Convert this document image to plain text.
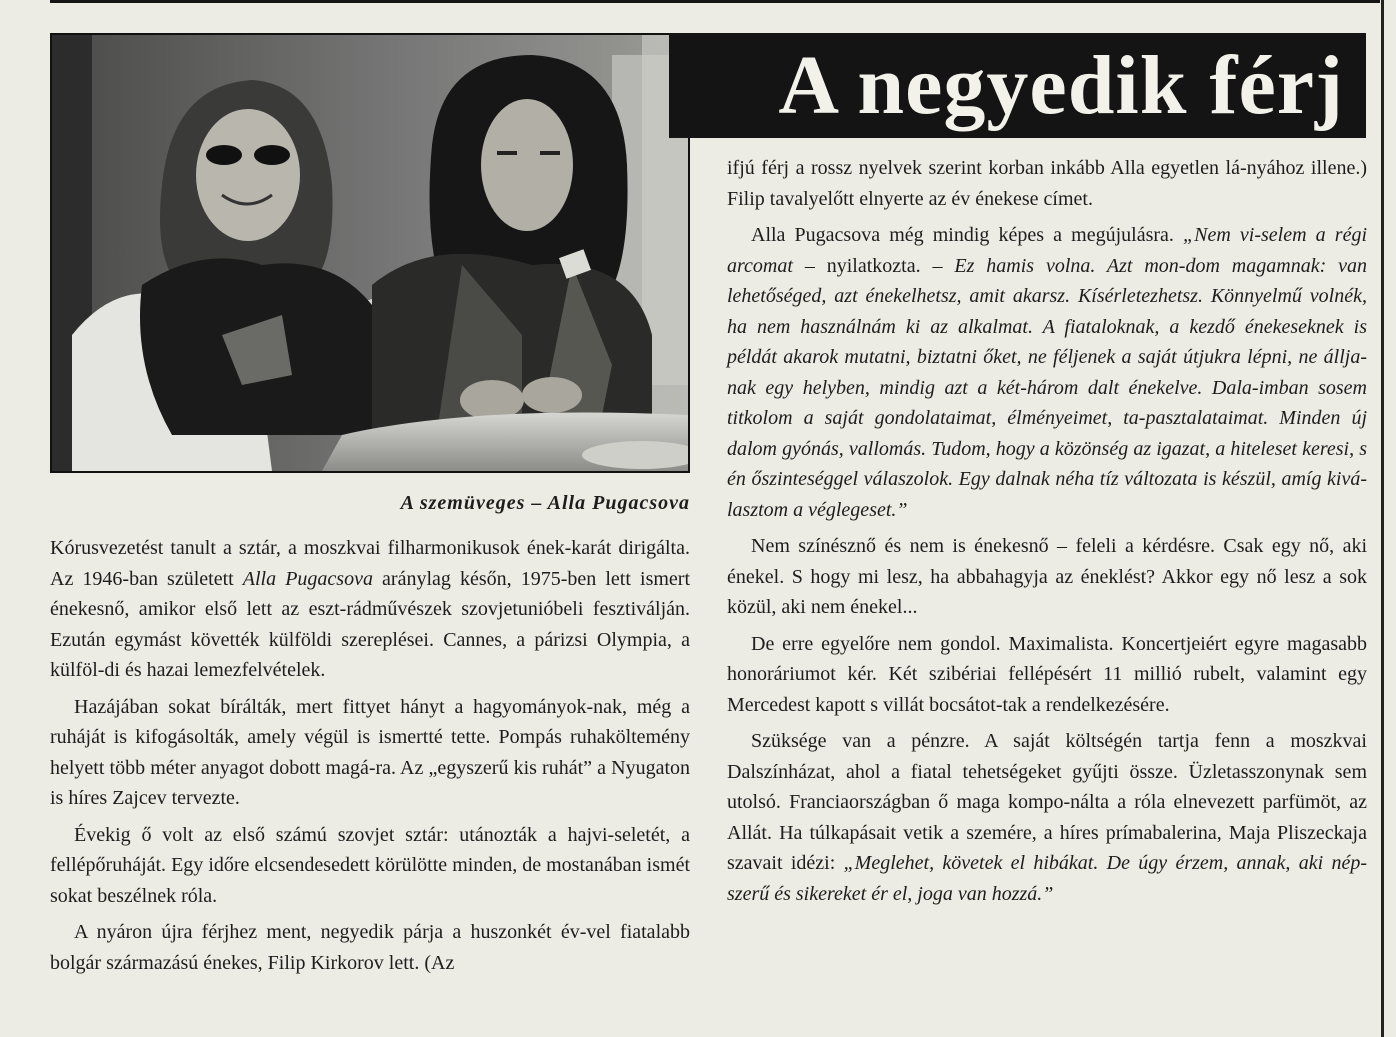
A negyedik férj
A szemüveges – Alla Pugacsova

Kórusvezetést tanult a sztár, a moszkvai filharmonikusok ének-karát dirigálta. Az 1946-ban született Alla Pugacsova aránylag későn, 1975-ben lett ismert énekesnő, amikor első lett az eszt-rádművészek szovjetunióbeli fesztiválján. Ezután egymást követték külföldi szereplései. Cannes, a párizsi Olympia, a külföl-di és hazai lemezfelvételek.

Hazájában sokat bírálták, mert fittyet hányt a hagyományok-nak, még a ruháját is kifogásolták, amely végül is ismertté tette. Pompás ruhaköltemény helyett több méter anyagot dobott magá-ra. Az „egyszerű kis ruhát” a Nyugaton is híres Zajcev tervezte.

Évekig ő volt az első számú szovjet sztár: utánozták a hajvi-seletét, a fellépőruháját. Egy időre elcsendesedett körülötte minden, de mostanában ismét sokat beszélnek róla.

A nyáron újra férjhez ment, negyedik párja a huszonkét év-vel fiatalabb bolgár származású énekes, Filip Kirkorov lett. (Az

ifjú férj a rossz nyelvek szerint korban inkább Alla egyetlen lá-nyához illene.) Filip tavalyelőtt elnyerte az év énekese címet.

Alla Pugacsova még mindig képes a megújulásra. „Nem vi-selem a régi arcomat – nyilatkozta. – Ez hamis volna. Azt mon-dom magamnak: van lehetőséged, azt énekelhetsz, amit akarsz. Kísérletezhetsz. Könnyelmű volnék, ha nem használnám ki az alkalmat. A fiataloknak, a kezdő énekeseknek is példát akarok mutatni, biztatni őket, ne féljenek a saját útjukra lépni, ne állja-nak egy helyben, mindig azt a két-három dalt énekelve. Dala-imban sosem titkolom a saját gondolataimat, élményeimet, ta-pasztalataimat. Minden új dalom gyónás, vallomás. Tudom, hogy a közönség az igazat, a hiteleset keresi, s én őszinteséggel válaszolok. Egy dalnak néha tíz változata is készül, amíg kivá-lasztom a véglegeset.”

Nem színésznő és nem is énekesnő – feleli a kérdésre. Csak egy nő, aki énekel. S hogy mi lesz, ha abbahagyja az éneklést? Akkor egy nő lesz a sok közül, aki nem énekel...

De erre egyelőre nem gondol. Maximalista. Koncertjeiért egyre magasabb honoráriumot kér. Két szibériai fellépésért 11 millió rubelt, valamint egy Mercedest kapott s villát bocsátot-tak a rendelkezésére.

Szüksége van a pénzre. A saját költségén tartja fenn a moszkvai Dalszínházat, ahol a fiatal tehetségeket gyűjti össze. Üzletasszonynak sem utolsó. Franciaországban ő maga kompo-nálta a róla elnevezett parfümöt, az Allát. Ha túlkapásait vetik a szemére, a híres prímabalerina, Maja Pliszeckaja szavait idézi: „Meglehet, követek el hibákat. De úgy érzem, annak, aki nép-szerű és sikereket ér el, joga van hozzá.”
